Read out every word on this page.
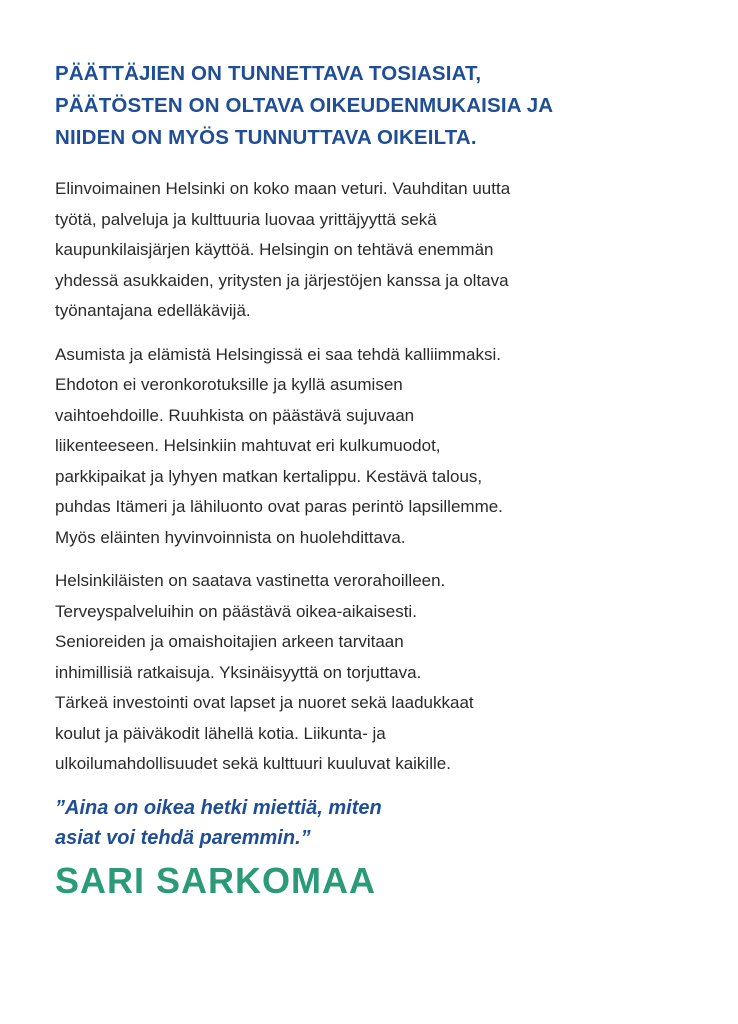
PÄÄTTÄJIEN ON TUNNETTAVA TOSIASIAT,
PÄÄTÖSTEN ON OLTAVA OIKEUDENMUKAISIA JA
NIIDEN ON MYÖS TUNNUTTAVA OIKEILTA.

Elinvoimainen Helsinki on koko maan veturi. Vauhditan uutta
työtä, palveluja ja kulttuuria luovaa yrittäjyyttä sekä
kaupunkilaisjärjen käyttöä. Helsingin on tehtävä enemmän
yhdessä asukkaiden, yritysten ja järjestöjen kanssa ja oltava
työnantajana edelläkävijä.

Asumista ja elämistä Helsingissä ei saa tehdä kalliimmaksi.
Ehdoton ei veronkorotuksille ja kyllä asumisen
vaihtoehdoille. Ruuhkista on päästävä sujuvaan
liikenteeseen. Helsinkiin mahtuvat eri kulkumuodot,
parkkipaikat ja lyhyen matkan kertalippu. Kestävä talous,
puhdas Itämeri ja lähiluonto ovat paras perintö lapsillemme.
Myös eläinten hyvinvoinnista on huolehdittava.

Helsinkiläisten on saatava vastinetta verorahoilleen.
Terveyspalveluihin on päästävä oikea-aikaisesti.
Senioreiden ja omaishoitajien arkeen tarvitaan
inhimillisiä ratkaisuja. Yksinäisyyttä on torjuttava.
Tärkeä investointi ovat lapset ja nuoret sekä laadukkaat
koulut ja päiväkodit lähellä kotia. Liikunta- ja
ulkoilumahdollisuudet sekä kulttuuri kuuluvat kaikille.

”Aina on oikea hetki miettiä, miten
asiat voi tehdä paremmin.”

SARI SARKOMAA
